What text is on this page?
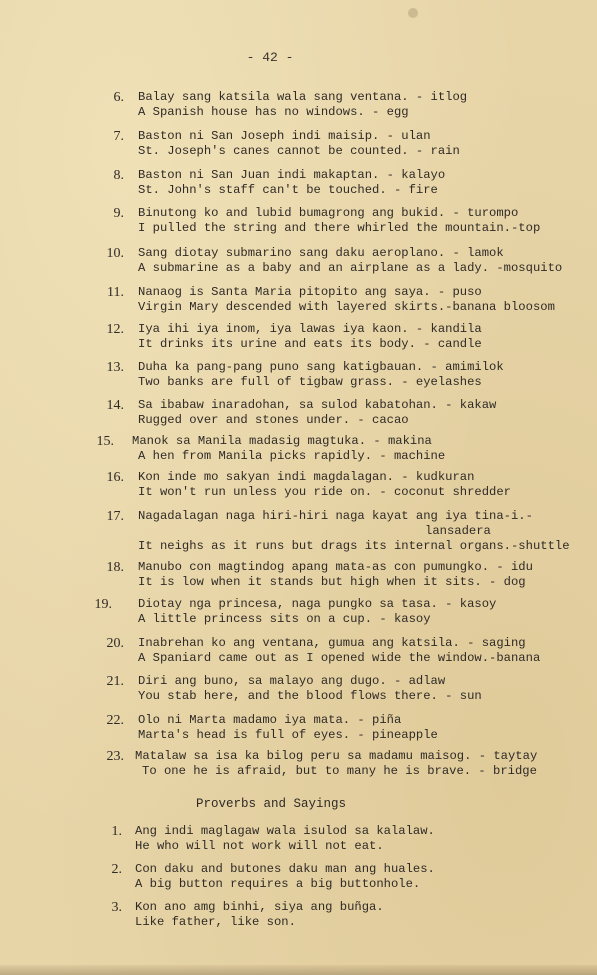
- 42 -
6. Balay sang katsila wala sang ventana. - itlog
A Spanish house has no windows. - egg
7. Baston ni San Joseph indi maisip. - ulan
St. Joseph's canes cannot be counted. - rain
8. Baston ni San Juan indi makaptan. - kalayo
St. John's staff can't be touched. - fire
9. Binutong ko and lubid bumagrong ang bukid. - turompo
I pulled the string and there whirled the mountain.-top
10. Sang diotay submarino sang daku aeroplano. - lamok
A submarine as a baby and an airplane as a lady. -mosquito
11. Nanaog is Santa Maria pitopito ang saya. - puso
Virgin Mary descended with layered skirts.-banana bloosom
12. Iya ihi iya inom, iya lawas iya kaon. - kandila
It drinks its urine and eats its body. - candle
13. Duha ka pang-pang puno sang katigbauan. - amimilok
Two banks are full of tigbaw grass. - eyelashes
14. Sa ibabaw inaradohan, sa sulod kabatohan. - kakaw
Rugged over and stones under. - cacao
15. Manok sa Manila madasig magtuka. - makina
A hen from Manila picks rapidly. - machine
16. Kon inde mo sakyan indi magdalagan. - kudkuran
It won't run unless you ride on. - coconut shredder
17. Nagadalagan naga hiri-hiri naga kayat ang iya tina-i.-
lansadera
It neighs as it runs but drags its internal organs.-shuttle
18. Manubo con magtindog apang mata-as con pumungko. - idu
It is low when it stands but high when it sits. - dog
19. Diotay nga princesa, naga pungko sa tasa. - kasoy
A little princess sits on a cup. - kasoy
20. Inabrehan ko ang ventana, gumua ang katsila. - saging
A Spaniard came out as I opened wide the window.-banana
21. Diri ang buno, sa malayo ang dugo. - adlaw
You stab here, and the blood flows there. - sun
22. Olo ni Marta madamo iya mata. - piña
Marta's head is full of eyes. - pineapple
23. Matalaw sa isa ka bilog peru sa madamu maisog. - taytay
To one he is afraid, but to many he is brave. - bridge
Proverbs and Sayings
1. Ang indi maglagaw wala isulod sa kalalaw.
He who will not work will not eat.
2. Con daku and butones daku man ang huales.
A big button requires a big buttonhole.
3. Kon ano amg binhi, siya ang buñga.
Like father, like son.
